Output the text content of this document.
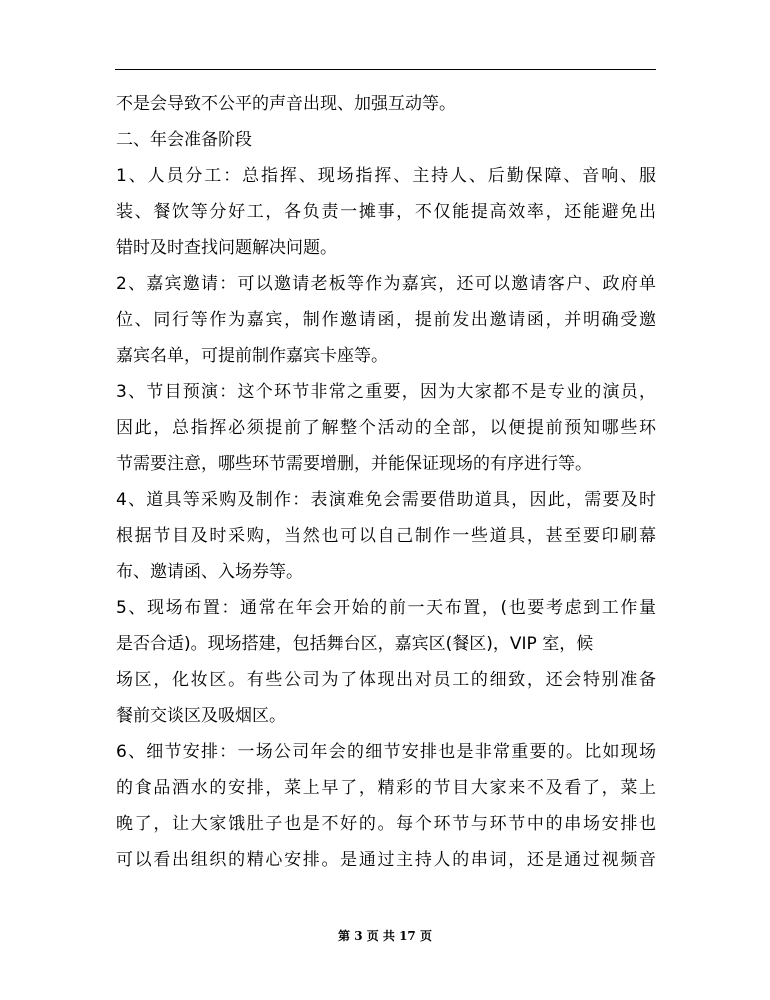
不是会导致不公平的声音出现、加强互动等。
二、年会准备阶段
1、人员分工：总指挥、现场指挥、主持人、后勤保障、音响、服
装、餐饮等分好工，各负责一摊事，不仅能提高效率，还能避免出
错时及时查找问题解决问题。
2、嘉宾邀请：可以邀请老板等作为嘉宾，还可以邀请客户、政府单
位、同行等作为嘉宾，制作邀请函，提前发出邀请函，并明确受邀
嘉宾名单，可提前制作嘉宾卡座等。
3、节目预演：这个环节非常之重要，因为大家都不是专业的演员，
因此，总指挥必须提前了解整个活动的全部，以便提前预知哪些环
节需要注意，哪些环节需要增删，并能保证现场的有序进行等。
4、道具等采购及制作：表演难免会需要借助道具，因此，需要及时
根据节目及时采购，当然也可以自己制作一些道具，甚至要印刷幕
布、邀请函、入场券等。
5、现场布置：通常在年会开始的前一天布置，(也要考虑到工作量
是否合适)。现场搭建，包括舞台区，嘉宾区(餐区)，VIP 室，候
场区，化妆区。有些公司为了体现出对员工的细致，还会特别准备
餐前交谈区及吸烟区。
6、细节安排：一场公司年会的细节安排也是非常重要的。比如现场
的食品酒水的安排，菜上早了，精彩的节目大家来不及看了，菜上
晚了，让大家饿肚子也是不好的。每个环节与环节中的串场安排也
可以看出组织的精心安排。是通过主持人的串词，还是通过视频音
第 3 页 共 17 页
